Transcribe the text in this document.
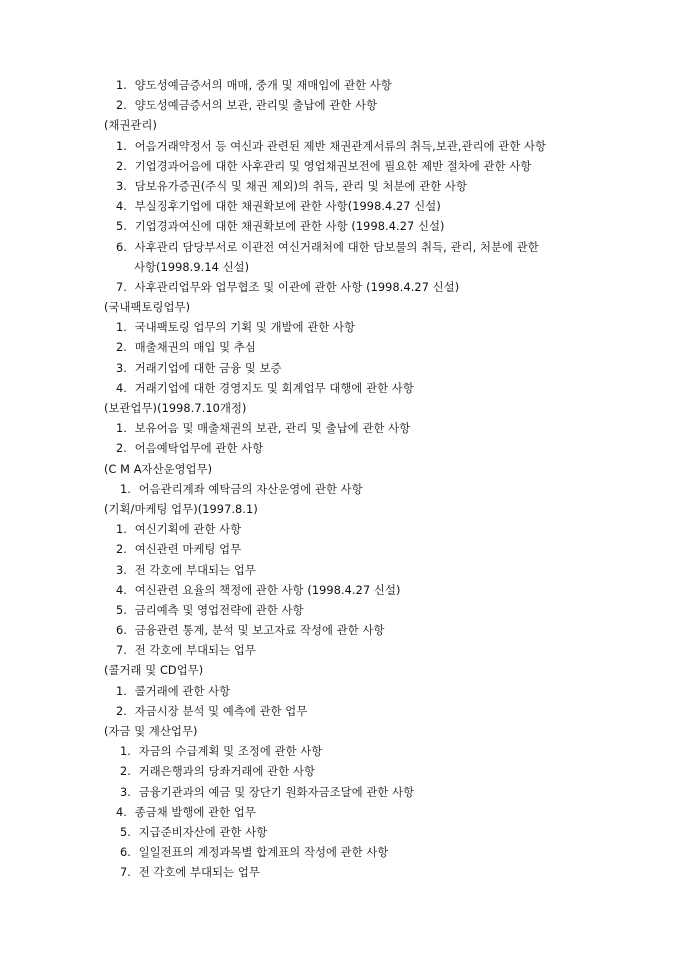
1. 양도성예금증서의 매매, 중개 및 재매입에 관한 사항
2. 양도성예금증서의 보관, 관리및 출납에 관한 사항
(채권관리)
1. 어음거래약정서 등 여신과 관련된 제반 채권관계서류의 취득,보관,관리에 관한 사항
2. 기업경과어음에 대한 사후관리 및 영업채권보전에 필요한 제반 절차에 관한 사항
3. 담보유가증권(주식 및 채권 제외)의 취득, 관리 및 처분에 관한 사항
4. 부실징후기업에 대한 채권확보에 관한 사항(1998.4.27 신설)
5. 기업경과여신에 대한 채권확보에 관한 사항 (1998.4.27 신설)
6. 사후관리 담당부서로 이관전 여신거래처에 대한 담보물의 취득, 관리, 처분에 관한
사항(1998.9.14 신설)
7. 사후관리업무와 업무협조 및 이관에 관한 사항 (1998.4.27 신설)
(국내팩토링업무)
1. 국내팩토링 업무의 기획 및 개발에 관한 사항
2. 매출채권의 매입 및 추심
3. 거래기업에 대한 금융 및 보증
4. 거래기업에 대한 경영지도 및 회계업무 대행에 관한 사항
(보관업무)(1998.7.10개정)
1. 보유어음 및 매출채권의 보관, 관리 및 출납에 관한 사항
2. 어음예탁업무에 관한 사항
(C M A자산운영업무)
1. 어음관리계좌 예탁금의 자산운영에 관한 사항
(기획/마케팅 업무)(1997.8.1)
1. 여신기획에 관한 사항
2. 여신관련 마케팅 업무
3. 전 각호에 부대되는 업무
4. 여신관련 요율의 책정에 관한 사항 (1998.4.27 신설)
5. 금리예측 및 영업전략에 관한 사항
6. 금융관련 통계, 분석 및 보고자료 작성에 관한 사항
7. 전 각호에 부대되는 업무
(콜거래 및 CD업무)
1. 콜거래에 관한 사항
2. 자금시장 분석 및 예측에 관한 업무
(자금 및 계산업무)
1. 자금의 수급계획 및 조정에 관한 사항
2. 거래은행과의 당좌거래에 관한 사항
3. 금융기관과의 예금 및 장단기 원화자금조달에 관한 사항
4. 종금채 발행에 관한 업무
5. 지급준비자산에 관한 사항
6. 일일전표의 계정과목별 합계표의 작성에 관한 사항
7. 전 각호에 부대되는 업무
